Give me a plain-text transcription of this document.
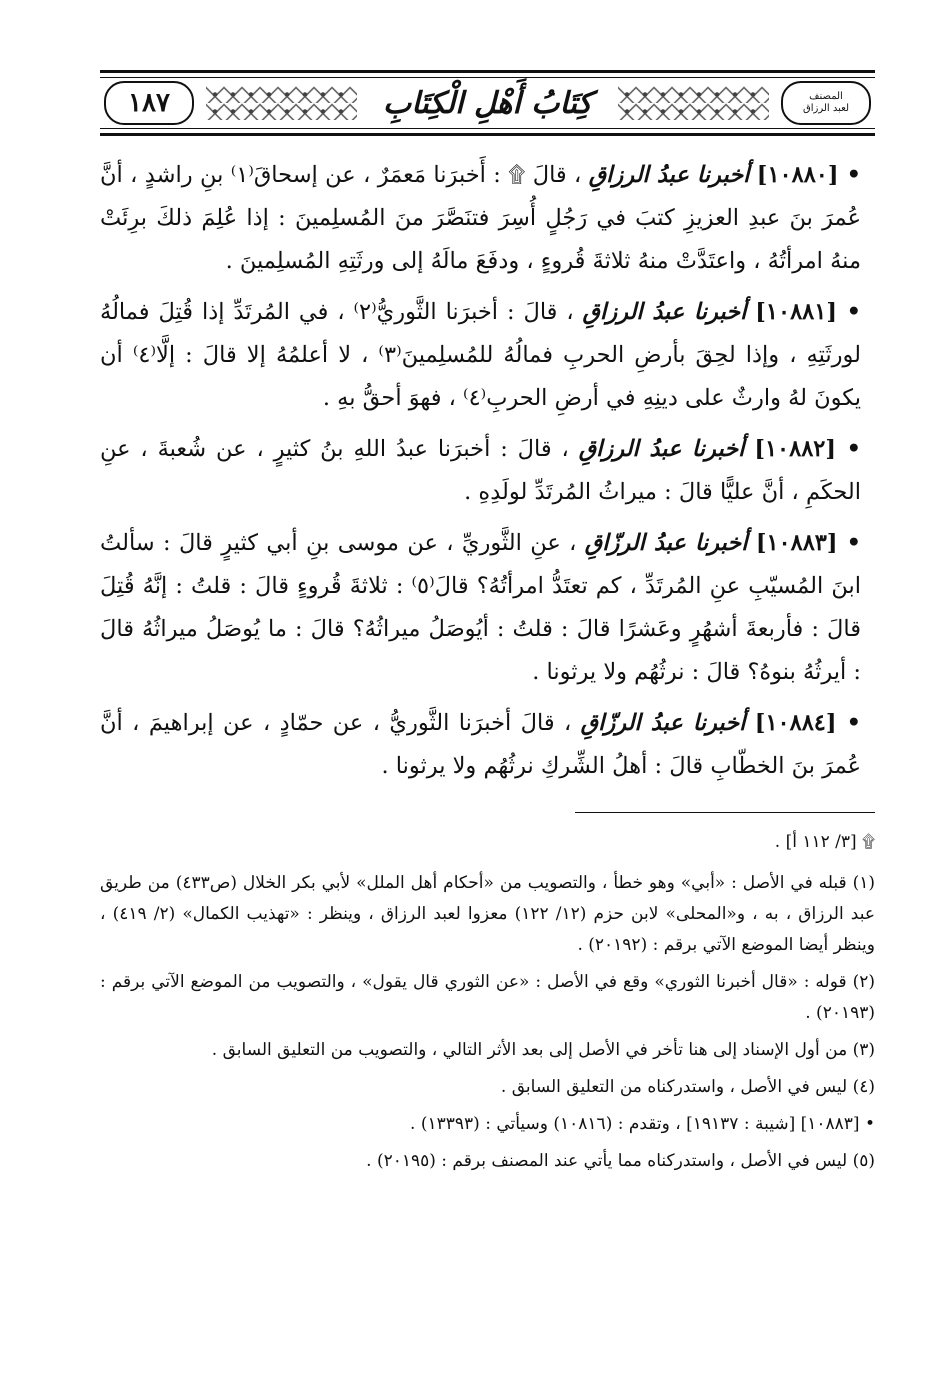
١٨٧	كِتَابُ أَهْلِ الْكِتَابِ	المصنف
لعبد الرزاق

• [١٠٨٨٠] أخبرنا عبدُ الرزاقِ ، قالَ ۩ : أَخبرَنا مَعمَرٌ ، عن إسحاقَ⁽١⁾ بنِ راشدٍ ، أنَّ عُمرَ بنَ عبدِ العزيزِ كتبَ في رَجُلٍ أُسِرَ فتنَصَّرَ منَ المُسلِمينَ : إذا عُلِمَ ذلكَ برِئَتْ منهُ امرأتُهُ ، واعتَدَّتْ منهُ ثلاثةَ قُروءٍ ، ودفَعَ مالَهُ إلى ورثَتِهِ المُسلِمينَ .

• [١٠٨٨١] أخبرنا عبدُ الرزاقِ ، قالَ : أخبرَنا الثَّوريُّ⁽٢⁾ ، في المُرتَدِّ إذا قُتِلَ فمالُهُ لورثَتِهِ ، وإذا لحِقَ بأرضِ الحربِ فمالُهُ للمُسلِمينَ⁽٣⁾ ، لا أعلمُهُ إلا قالَ : إلَّا⁽٤⁾ أن يكونَ لهُ وارثٌ على دينِهِ في أرضِ الحربِ⁽٤⁾ ، فهوَ أحقُّ بهِ .

• [١٠٨٨٢] أخبرنا عبدُ الرزاقِ ، قالَ : أخبرَنا عبدُ اللهِ بنُ كثيرٍ ، عن شُعبةَ ، عنِ الحكَمِ ، أنَّ عليًّا قالَ : ميراثُ المُرتَدِّ لولَدِهِ .

• [١٠٨٨٣] أخبرنا عبدُ الرزّاقِ ، عنِ الثَّوريِّ ، عن موسى بنِ أبي كثيرٍ قالَ : سألتُ ابنَ المُسيّبِ عنِ المُرتَدِّ ، كم تعتَدُّ امرأتُهُ؟ قالَ⁽٥⁾ : ثلاثةَ قُروءٍ قالَ : قلتُ : إنَّهُ قُتِلَ قالَ : فأربعةَ أشهُرٍ وعَشرًا قالَ : قلتُ : أيُوصَلُ ميراثُهُ؟ قالَ : ما يُوصَلُ ميراثُهُ قالَ : أيرثُهُ بنوهُ؟ قالَ : نرثُهُم ولا يرثونا .

• [١٠٨٨٤] أخبرنا عبدُ الرزّاقِ ، قالَ أخبرَنا الثَّوريُّ ، عن حمّادٍ ، عن إبراهيمَ ، أنَّ عُمرَ بنَ الخطّابِ قالَ : أهلُ الشِّركِ نرثُهُم ولا يرثونا .

۩ [٣/ ١١٢ أ] .
(١) قبله في الأصل : «أبي» وهو خطأ ، والتصويب من «أحكام أهل الملل» لأبي بكر الخلال (ص٤٣٣) من طريق عبد الرزاق ، به ، و«المحلى» لابن حزم (١٢/ ١٢٢) معزوا لعبد الرزاق ، وينظر : «تهذيب الكمال» (٢/ ٤١٩) ، وينظر أيضا الموضع الآتي برقم : (٢٠١٩٢) .
(٢) قوله : «قال أخبرنا الثوري» وقع في الأصل : «عن الثوري قال يقول» ، والتصويب من الموضع الآتي برقم : (٢٠١٩٣) .
(٣) من أول الإسناد إلى هنا تأخر في الأصل إلى بعد الأثر التالي ، والتصويب من التعليق السابق .
(٤) ليس في الأصل ، واستدركناه من التعليق السابق .
• [١٠٨٨٣] [شيبة : ١٩١٣٧] ، وتقدم : (١٠٨١٦) وسيأتي : (١٣٣٩٣) .
(٥) ليس في الأصل ، واستدركناه مما يأتي عند المصنف برقم : (٢٠١٩٥) .
